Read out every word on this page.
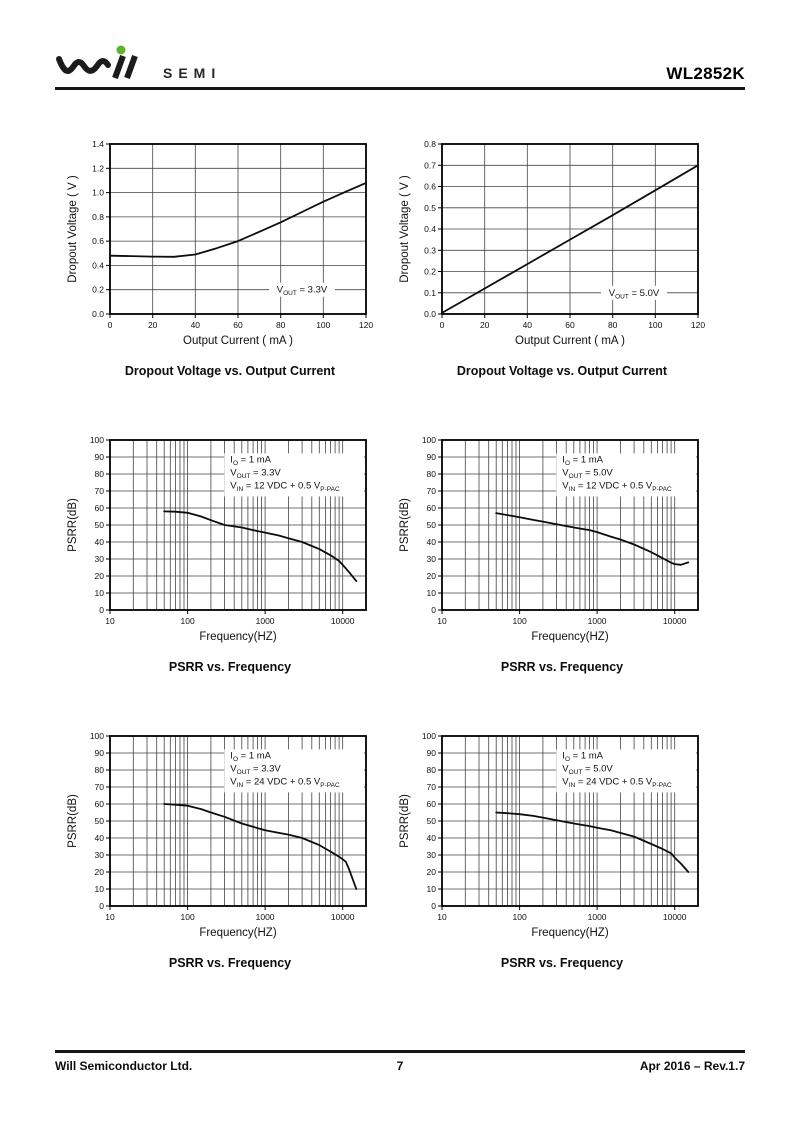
SEMI	WL2852K
0	20	40	60	80	100	120
0.0
0.2
0.4
0.6
0.8
1.0
1.2
1.4
Output Current ( mA )
Dropout Voltage ( V )
$V_{OUT} = 3.3V$
Dropout Voltage vs. Output Current
0	20	40	60	80	100	120
0.0
0.1
0.2
0.3
0.4
0.5
0.6
0.7
0.8
Output Current ( mA )
Dropout Voltage ( V )
$V_{OUT} = 5.0V$
Dropout Voltage vs. Output Current
10	100	1000	10000
0
10
20
30
40
50
60
70
80
90
100
Frequency(HZ)
PSRR(dB)
$I_O = 1$ mA
$V_{OUT} = 3.3V$
$V_{IN} = 12$ VDC + 0.5 $V_{P-PAC}$
PSRR vs. Frequency
10	100	1000	10000
0
10
20
30
40
50
60
70
80
90
100
Frequency(HZ)
PSRR(dB)
$I_O = 1$ mA
$V_{OUT} = 5.0V$
$V_{IN} = 12$ VDC + 0.5 $V_{P-PAC}$
PSRR vs. Frequency
10	100	1000	10000
0
10
20
30
40
50
60
70
80
90
100
Frequency(HZ)
PSRR(dB)
$I_O = 1$ mA
$V_{OUT} = 3.3V$
$V_{IN} = 24$ VDC + 0.5 $V_{P-PAC}$
PSRR vs. Frequency
10	100	1000	10000
0
10
20
30
40
50
60
70
80
90
100
Frequency(HZ)
PSRR(dB)
$I_O = 1$ mA
$V_{OUT} = 5.0V$
$V_{IN} = 24$ VDC + 0.5 $V_{P-PAC}$
PSRR vs. Frequency
Will Semiconductor Ltd.	7	Apr 2016 – Rev.1.7
